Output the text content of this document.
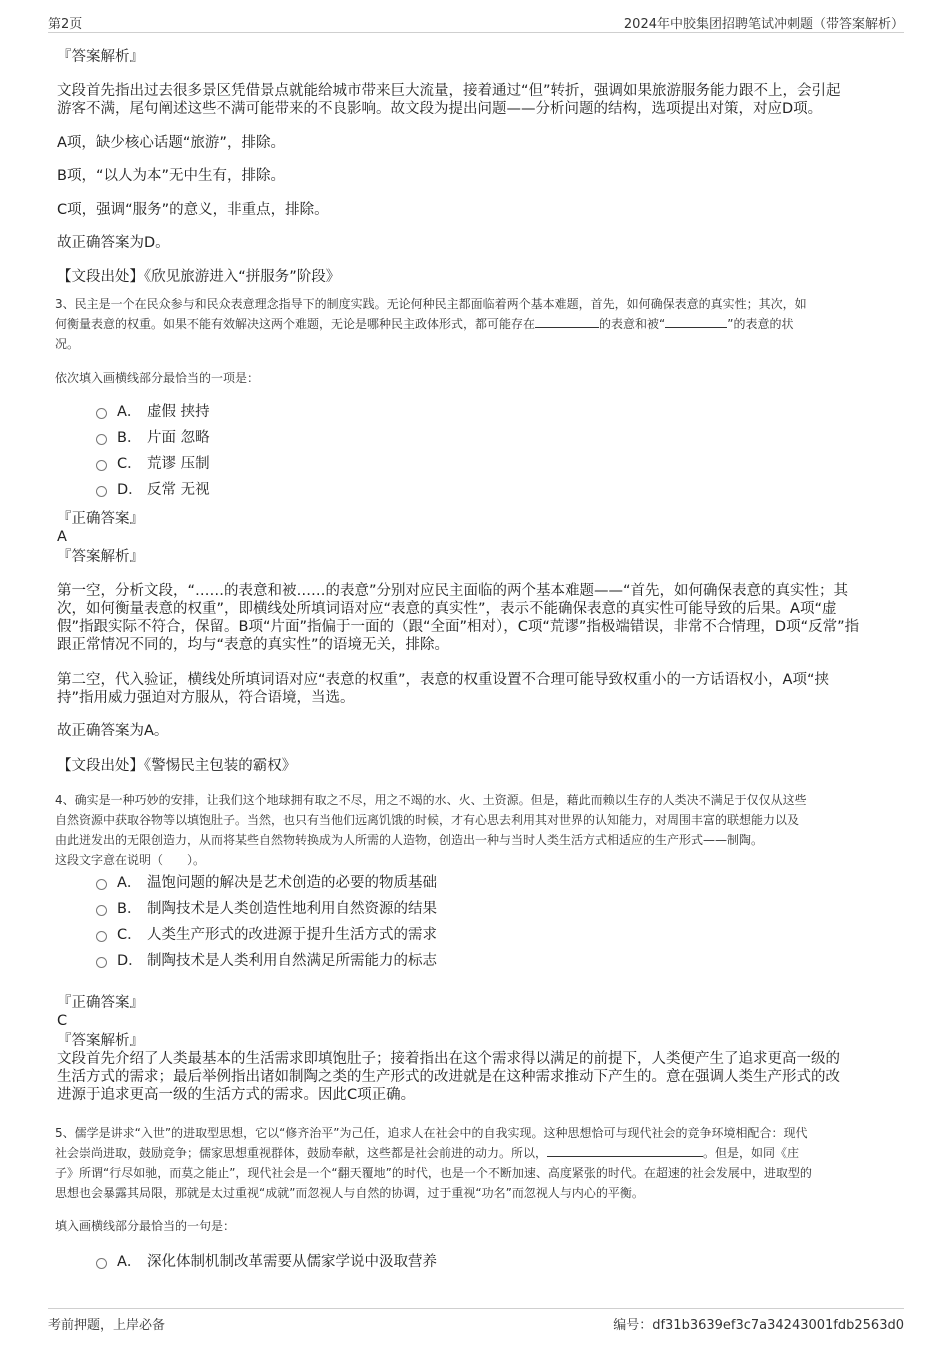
第2页	2024年中胶集团招聘笔试冲刺题（带答案解析）

『答案解析』

文段首先指出过去很多景区凭借景点就能给城市带来巨大流量，接着通过“但”转折，强调如果旅游服务能力跟不上，会引起

游客不满，尾句阐述这些不满可能带来的不良影响。故文段为提出问题——分析问题的结构，选项提出对策，对应D项。

A项，缺少核心话题“旅游”，排除。

B项，“以人为本”无中生有，排除。

C项，强调“服务”的意义，非重点，排除。

故正确答案为D。

【文段出处】《欣见旅游进入“拼服务”阶段》

3、民主是一个在民众参与和民众表意理念指导下的制度实践。无论何种民主都面临着两个基本难题，首先，如何确保表意的真实性；其次，如

何衡量表意的权重。如果不能有效解决这两个难题，无论是哪种民主政体形式，都可能存在	的表意和被“	”的表意的状

况。

依次填入画横线部分最恰当的一项是：

A． 虚假 挟持
B． 片面 忽略
C． 荒谬 压制
D． 反常 无视

『正确答案』

A

『答案解析』

第一空，分析文段，“……的表意和被……的表意”分别对应民主面临的两个基本难题——“首先，如何确保表意的真实性；其

次，如何衡量表意的权重”，即横线处所填词语对应“表意的真实性”，表示不能确保表意的真实性可能导致的后果。A项“虚

假”指跟实际不符合，保留。B项“片面”指偏于一面的（跟“全面”相对），C项“荒谬”指极端错误，非常不合情理，D项“反常”指

跟正常情况不同的，均与“表意的真实性”的语境无关，排除。

第二空，代入验证，横线处所填词语对应“表意的权重”，表意的权重设置不合理可能导致权重小的一方话语权小，A项“挟

持”指用威力强迫对方服从，符合语境，当选。

故正确答案为A。

【文段出处】《警惕民主包装的霸权》

4、确实是一种巧妙的安排，让我们这个地球拥有取之不尽，用之不竭的水、火、土资源。但是，藉此而赖以生存的人类决不满足于仅仅从这些

自然资源中获取谷物等以填饱肚子。当然，也只有当他们远离饥饿的时候，才有心思去利用其对世界的认知能力，对周围丰富的联想能力以及

由此迸发出的无限创造力，从而将某些自然物转换成为人所需的人造物，创造出一种与当时人类生活方式相适应的生产形式——制陶。

这段文字意在说明（　　）。

A． 温饱问题的解决是艺术创造的必要的物质基础
B． 制陶技术是人类创造性地利用自然资源的结果
C． 人类生产形式的改进源于提升生活方式的需求
D． 制陶技术是人类利用自然满足所需能力的标志

『正确答案』

C

『答案解析』

文段首先介绍了人类最基本的生活需求即填饱肚子；接着指出在这个需求得以满足的前提下，人类便产生了追求更高一级的

生活方式的需求；最后举例指出诸如制陶之类的生产形式的改进就是在这种需求推动下产生的。意在强调人类生产形式的改

进源于追求更高一级的生活方式的需求。因此C项正确。

5、儒学是讲求“入世”的进取型思想，它以“修齐治平”为己任，追求人在社会中的自我实现。这种思想恰可与现代社会的竞争环境相配合：现代

社会崇尚进取，鼓励竞争；儒家思想重视群体，鼓励奉献，这些都是社会前进的动力。所以，	。但是，如同《庄

子》所谓“行尽如驰，而莫之能止”，现代社会是一个“翻天覆地”的时代，也是一个不断加速、高度紧张的时代。在超速的社会发展中，进取型的

思想也会暴露其局限，那就是太过重视“成就”而忽视人与自然的协调，过于重视“功名”而忽视人与内心的平衡。

填入画横线部分最恰当的一句是：

A． 深化体制机制改革需要从儒家学说中汲取营养
考前押题，上岸必备	编号：df31b3639ef3c7a34243001fdb2563d0
